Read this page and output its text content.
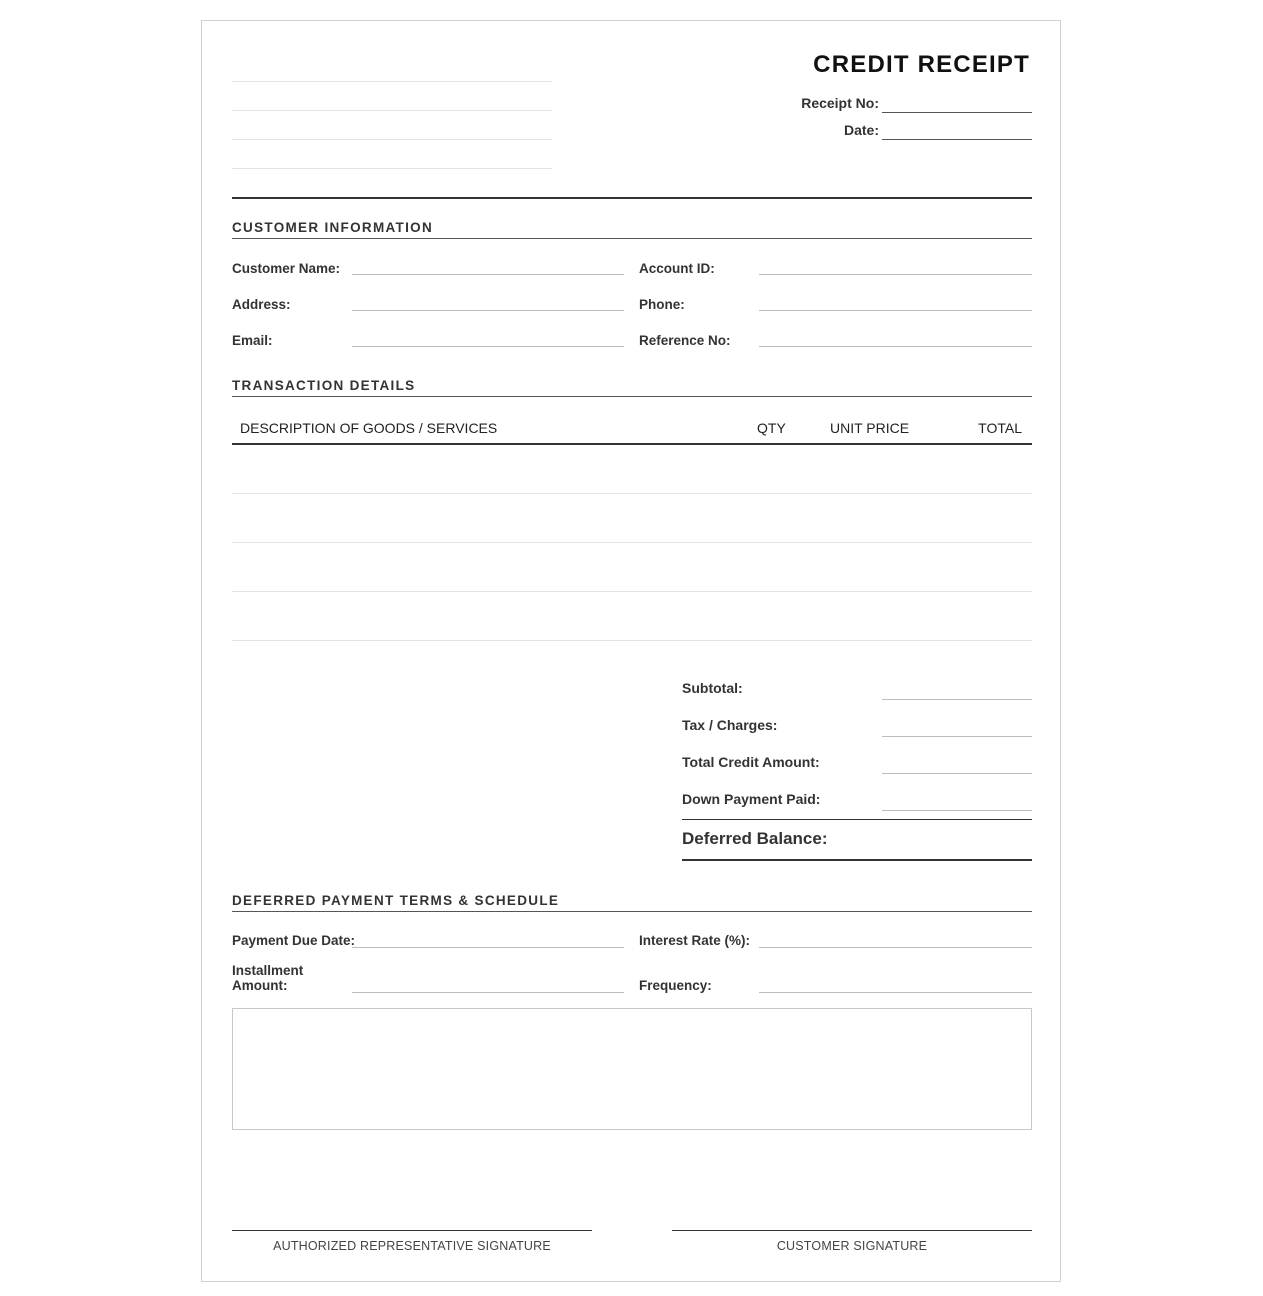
CREDIT RECEIPT
Receipt No:
Date:
CUSTOMER INFORMATION
Customer Name:	Account ID:
Address:	Phone:
Email:	Reference No:
TRANSACTION DETAILS
DESCRIPTION OF GOODS / SERVICES	QTY	UNIT PRICE	TOTAL
Subtotal:
Tax / Charges:
Total Credit Amount:
Down Payment Paid:
Deferred Balance:
DEFERRED PAYMENT TERMS & SCHEDULE
Payment Due Date:	Interest Rate (%):
Installment
Amount:	Frequency:
AUTHORIZED REPRESENTATIVE SIGNATURE	CUSTOMER SIGNATURE
